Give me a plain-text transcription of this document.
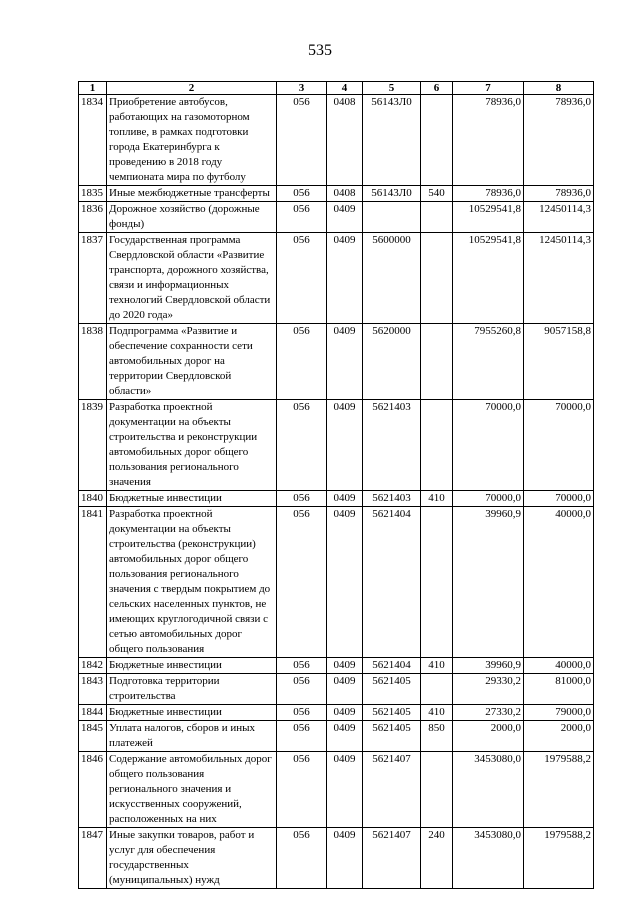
535
1	2	3	4	5	6	7	8
1834	Приобретение автобусов, работающих на газомоторном топливе, в рамках подготовки города Екатеринбурга к проведению в 2018 году чемпионата мира по футболу	056	0408	56143Л0		78936,0	78936,0
1835	Иные межбюджетные трансферты	056	0408	56143Л0	540	78936,0	78936,0
1836	Дорожное хозяйство (дорожные фонды)	056	0409			10529541,8	12450114,3
1837	Государственная программа Свердловской области «Развитие транспорта, дорожного хозяйства, связи и информационных технологий Свердловской области до 2020 года»	056	0409	5600000		10529541,8	12450114,3
1838	Подпрограмма «Развитие и обеспечение сохранности сети автомобильных дорог на территории Свердловской области»	056	0409	5620000		7955260,8	9057158,8
1839	Разработка проектной документации на объекты строительства и реконструкции автомобильных дорог общего пользования регионального значения	056	0409	5621403		70000,0	70000,0
1840	Бюджетные инвестиции	056	0409	5621403	410	70000,0	70000,0
1841	Разработка проектной документации на объекты строительства (реконструкции) автомобильных дорог общего пользования регионального значения с твердым покрытием до сельских населенных пунктов, не имеющих круглогодичной связи с сетью автомобильных дорог общего пользования	056	0409	5621404		39960,9	40000,0
1842	Бюджетные инвестиции	056	0409	5621404	410	39960,9	40000,0
1843	Подготовка территории строительства	056	0409	5621405		29330,2	81000,0
1844	Бюджетные инвестиции	056	0409	5621405	410	27330,2	79000,0
1845	Уплата налогов, сборов и иных платежей	056	0409	5621405	850	2000,0	2000,0
1846	Содержание автомобильных дорог общего пользования регионального значения и искусственных сооружений, расположенных на них	056	0409	5621407		3453080,0	1979588,2
1847	Иные закупки товаров, работ и услуг для обеспечения государственных (муниципальных) нужд	056	0409	5621407	240	3453080,0	1979588,2
